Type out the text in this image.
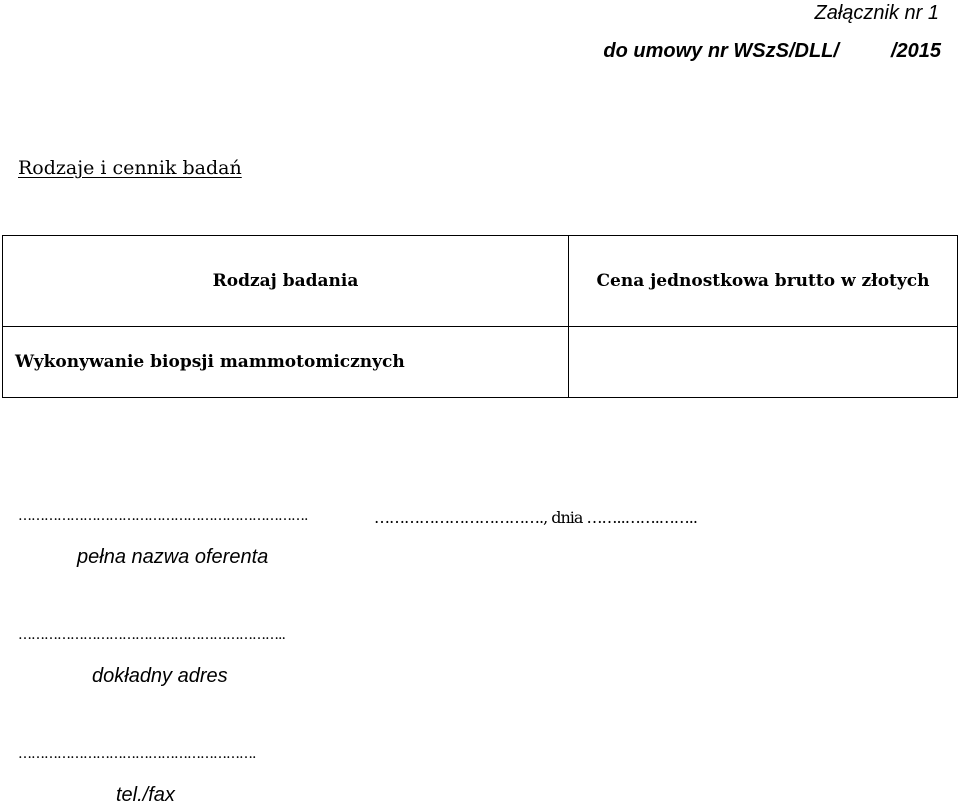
Załącznik nr 1
do umowy nr WSzS/DLL/	/2015
Rodzaje i cennik badań
Rodzaj badania	Cena jednostkowa brutto w złotych
Wykonywanie biopsji mammotomicznych	
………………………………………………………….	……………………………., dnia ……..…….……..
pełna nazwa oferenta
……………………………………………………..
dokładny adres
……………………………………………….
tel./fax
